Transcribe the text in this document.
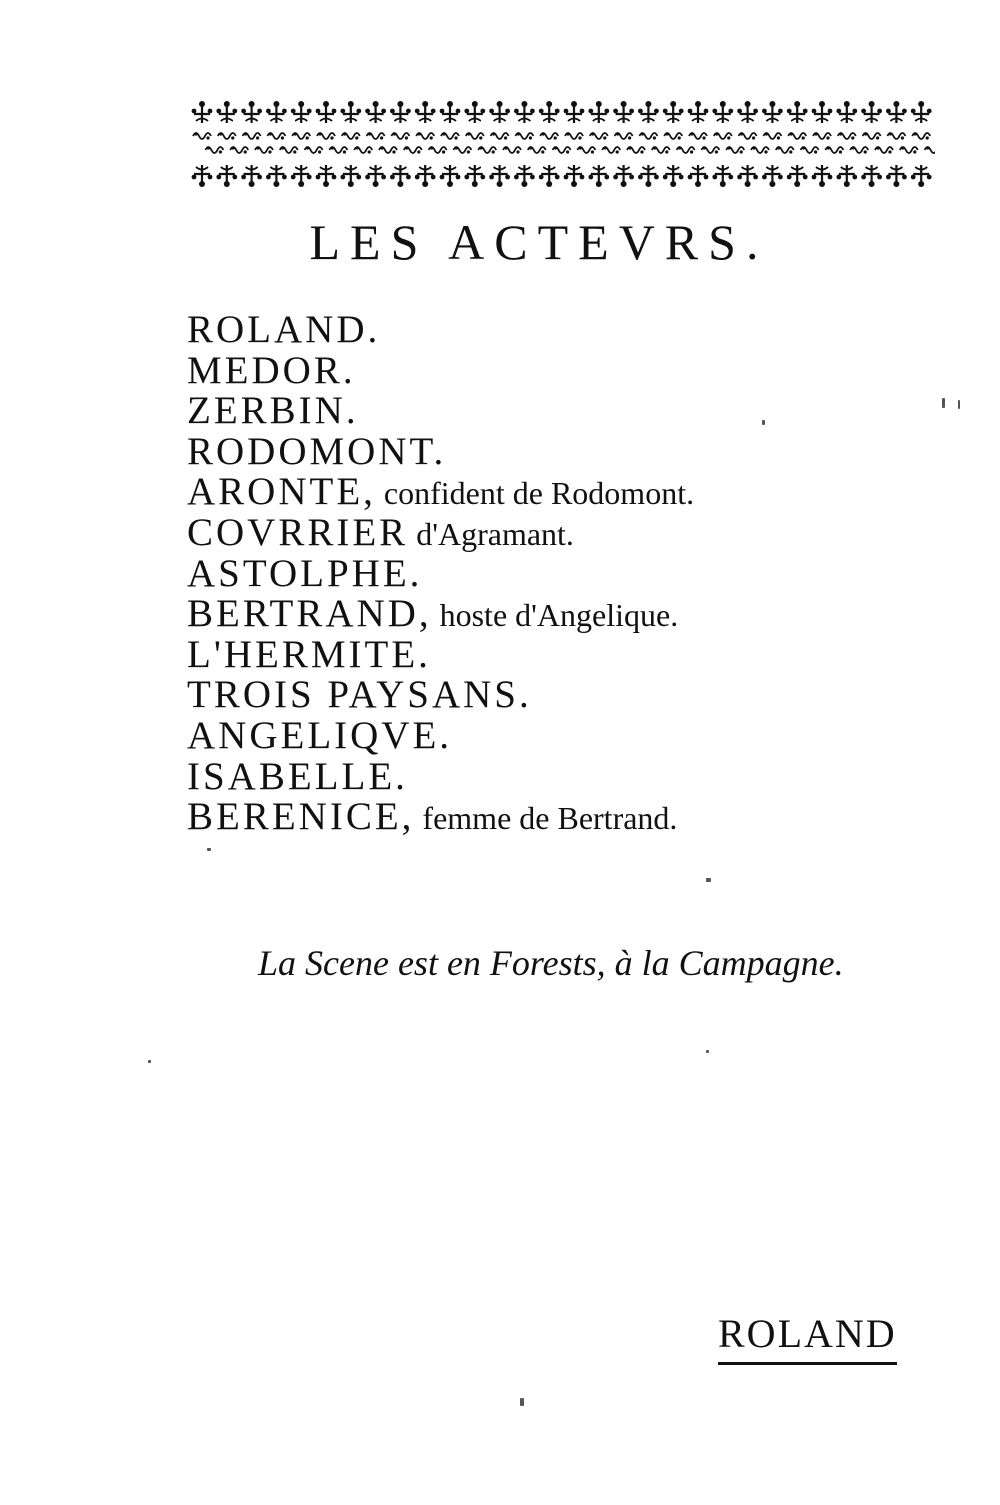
LES ACTEVRS.
ROLAND.
MEDOR.
ZERBIN.
RODOMONT.
ARONTE, confident de Rodomont.
COVRRIER d'Agramant.
ASTOLPHE.
BERTRAND, hoste d'Angelique.
L'HERMITE.
TROIS PAYSANS.
ANGELIQVE.
ISABELLE.
BERENICE, femme de Bertrand.
La Scene est en Forests, à la Campagne.
ROLAND
